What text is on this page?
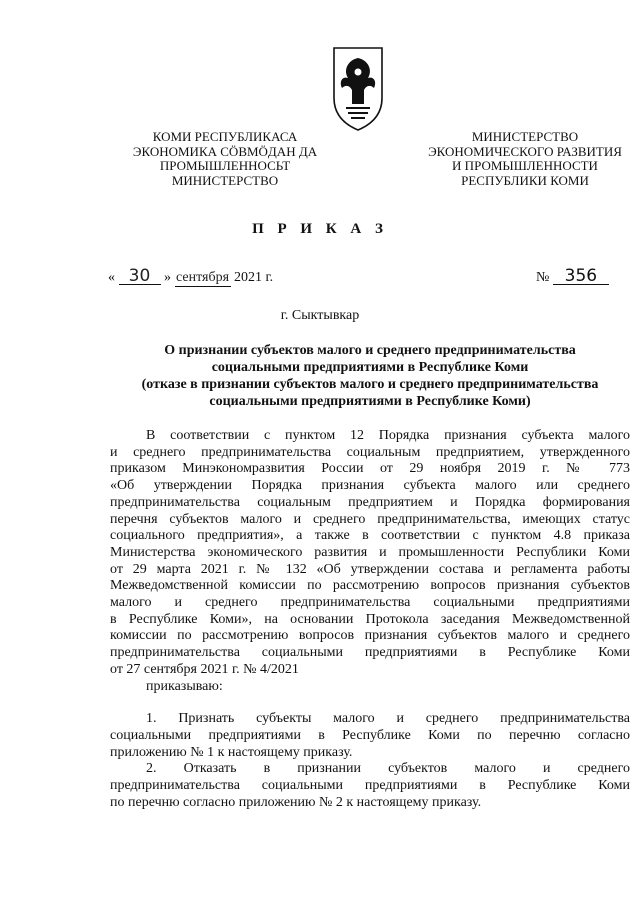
КОМИ РЕСПУБЛИКАСА
ЭКОНОМИКА СӦВМӦДАН ДА
ПРОМЫШЛЕННОСЬТ
МИНИСТЕРСТВО
МИНИСТЕРСТВО
ЭКОНОМИЧЕСКОГО РАЗВИТИЯ
И ПРОМЫШЛЕННОСТИ
РЕСПУБЛИКИ КОМИ
П Р И К А З
« 30 » сентября 2021 г.	№ 356
г. Сыктывкар
О признании субъектов малого и среднего предпринимательства
социальными предприятиями в Республике Коми
(отказе в признании субъектов малого и среднего предпринимательства
социальными предприятиями в Республике Коми)
В соответствии с пунктом 12 Порядка признания субъекта малого
и среднего предпринимательства социальным предприятием, утвержденного
приказом Минэкономразвития России от 29 ноября 2019 г. № 773
«Об утверждении Порядка признания субъекта малого или среднего
предпринимательства социальным предприятием и Порядка формирования
перечня субъектов малого и среднего предпринимательства, имеющих статус
социального предприятия», а также в соответствии с пунктом 4.8 приказа
Министерства экономического развития и промышленности Республики Коми
от 29 марта 2021 г. № 132 «Об утверждении состава и регламента работы
Межведомственной комиссии по рассмотрению вопросов признания субъектов
малого и среднего предпринимательства социальными предприятиями
в Республике Коми», на основании Протокола заседания Межведомственной
комиссии по рассмотрению вопросов признания субъектов малого и среднего
предпринимательства социальными предприятиями в Республике Коми
от 27 сентября 2021 г. № 4/2021
приказываю:
1. Признать субъекты малого и среднего предпринимательства
социальными предприятиями в Республике Коми по перечню согласно
приложению № 1 к настоящему приказу.
2. Отказать в признании субъектов малого и среднего
предпринимательства социальными предприятиями в Республике Коми
по перечню согласно приложению № 2 к настоящему приказу.
